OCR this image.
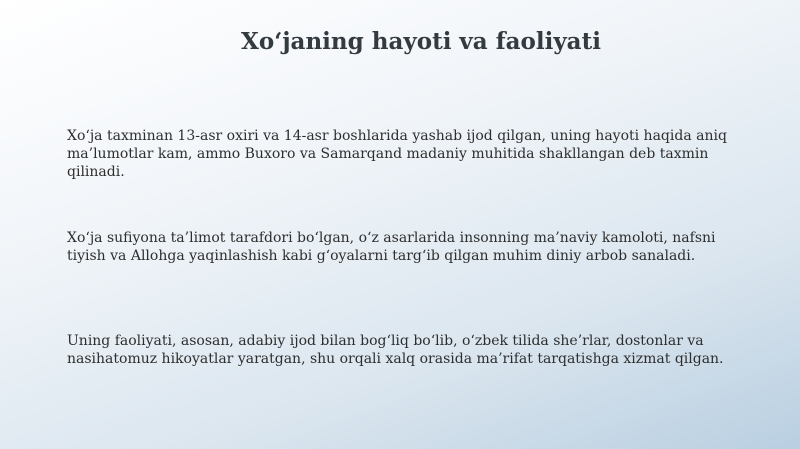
Xo‘janing hayoti va faoliyati

Xo‘ja taxminan 13-asr oxiri va 14-asr boshlarida yashab ijod qilgan, uning hayoti haqida aniq ma’lumotlar kam, ammo Buxoro va Samarqand madaniy muhitida shakllangan deb taxmin qilinadi.

Xo‘ja sufiyona ta’limot tarafdori bo‘lgan, o‘z asarlarida insonning ma’naviy kamoloti, nafsni tiyish va Allohga yaqinlashish kabi g‘oyalarni targ‘ib qilgan muhim diniy arbob sanaladi.

Uning faoliyati, asosan, adabiy ijod bilan bog‘liq bo‘lib, o‘zbek tilida she’rlar, dostonlar va nasihatomuz hikoyatlar yaratgan, shu orqali xalq orasida ma’rifat tarqatishga xizmat qilgan.
